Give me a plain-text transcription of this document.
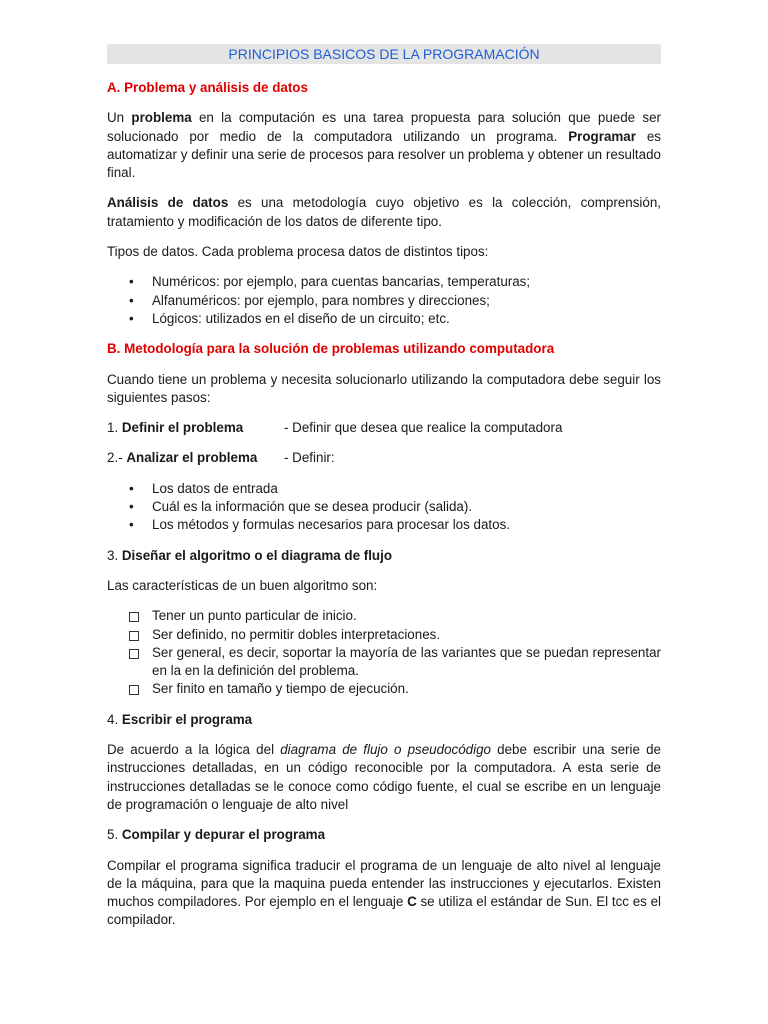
PRINCIPIOS BASICOS DE LA PROGRAMACIÓN

A. Problema y análisis de datos

Un problema en la computación es una tarea propuesta para solución que puede ser solucionado por medio de la computadora utilizando un programa. Programar es automatizar y definir una serie de procesos para resolver un problema y obtener un resultado final.

Análisis de datos es una metodología cuyo objetivo es la colección, comprensión, tratamiento y modificación de los datos de diferente tipo.

Tipos de datos. Cada problema procesa datos de distintos tipos:

• Numéricos: por ejemplo, para cuentas bancarias, temperaturas;
• Alfanuméricos: por ejemplo, para nombres y direcciones;
• Lógicos: utilizados en el diseño de un circuito; etc.

B. Metodología para la solución de problemas utilizando computadora

Cuando tiene un problema y necesita solucionarlo utilizando la computadora debe seguir los siguientes pasos:

1. Definir el problema	- Definir que desea que realice la computadora

2.- Analizar el problema - Definir:

• Los datos de entrada
• Cuál es la información que se desea producir (salida).
• Los métodos y formulas necesarios para procesar los datos.

3. Diseñar el algoritmo o el diagrama de flujo

Las características de un buen algoritmo son:

Tener un punto particular de inicio.
Ser definido, no permitir dobles interpretaciones.
Ser general, es decir, soportar la mayoría de las variantes que se puedan representar en la en la definición del problema.
Ser finito en tamaño y tiempo de ejecución.

4. Escribir el programa

De acuerdo a la lógica del diagrama de flujo o pseudocódigo debe escribir una serie de instrucciones detalladas, en un código reconocible por la computadora. A esta serie de instrucciones detalladas se le conoce como código fuente, el cual se escribe en un lenguaje de programación o lenguaje de alto nivel

5. Compilar y depurar el programa

Compilar el programa significa traducir el programa de un lenguaje de alto nivel al lenguaje de la máquina, para que la maquina pueda entender las instrucciones y ejecutarlos. Existen muchos compiladores. Por ejemplo en el lenguaje C se utiliza el estándar de Sun. El tcc es el compilador.
